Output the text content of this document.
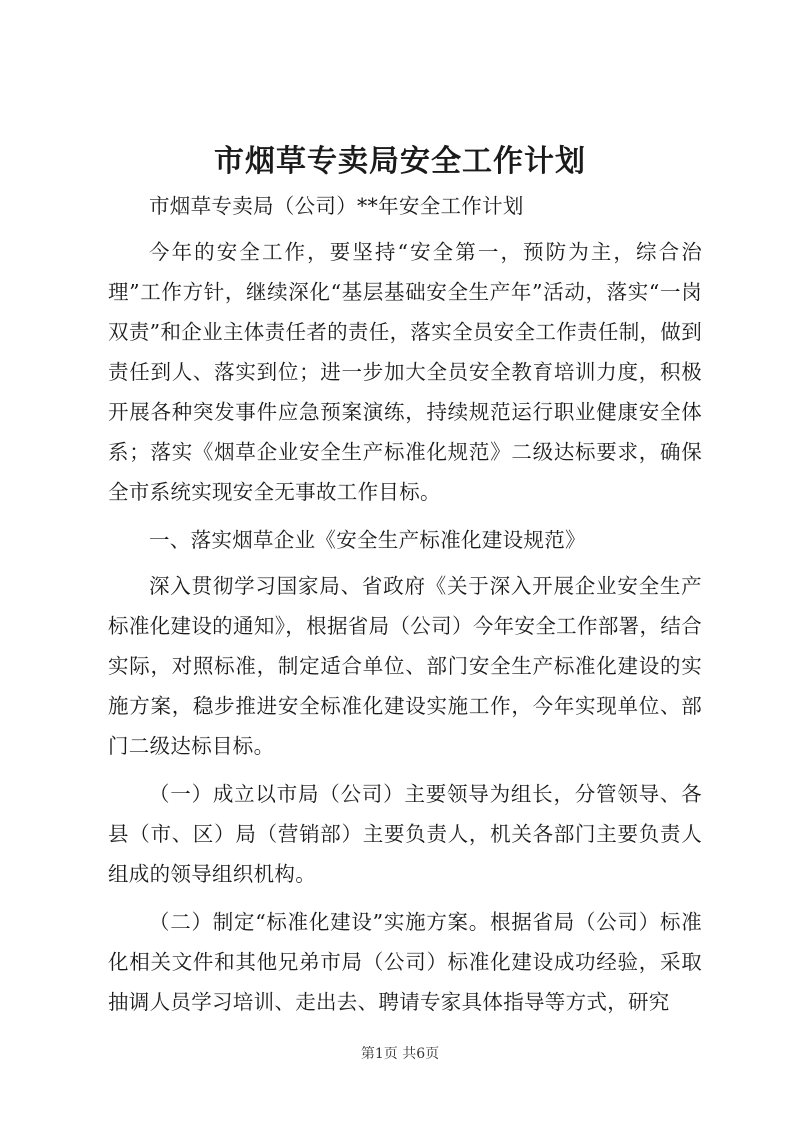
市烟草专卖局安全工作计划

市烟草专卖局（公司）**年安全工作计划

今年的安全工作，要坚持“安全第一，预防为主，综合治理”工作方针，继续深化“基层基础安全生产年”活动，落实“一岗双责”和企业主体责任者的责任，落实全员安全工作责任制，做到责任到人、落实到位；进一步加大全员安全教育培训力度，积极开展各种突发事件应急预案演练，持续规范运行职业健康安全体系；落实《烟草企业安全生产标准化规范》二级达标要求，确保全市系统实现安全无事故工作目标。

一、落实烟草企业《安全生产标准化建设规范》

深入贯彻学习国家局、省政府《关于深入开展企业安全生产标准化建设的通知》，根据省局（公司）今年安全工作部署，结合实际，对照标准，制定适合单位、部门安全生产标准化建设的实施方案，稳步推进安全标准化建设实施工作，今年实现单位、部门二级达标目标。

（一）成立以市局（公司）主要领导为组长，分管领导、各县（市、区）局（营销部）主要负责人，机关各部门主要负责人组成的领导组织机构。

（二）制定“标准化建设”实施方案。根据省局（公司）标准化相关文件和其他兄弟市局（公司）标准化建设成功经验，采取抽调人员学习培训、走出去、聘请专家具体指导等方式，研究

第1页 共6页
